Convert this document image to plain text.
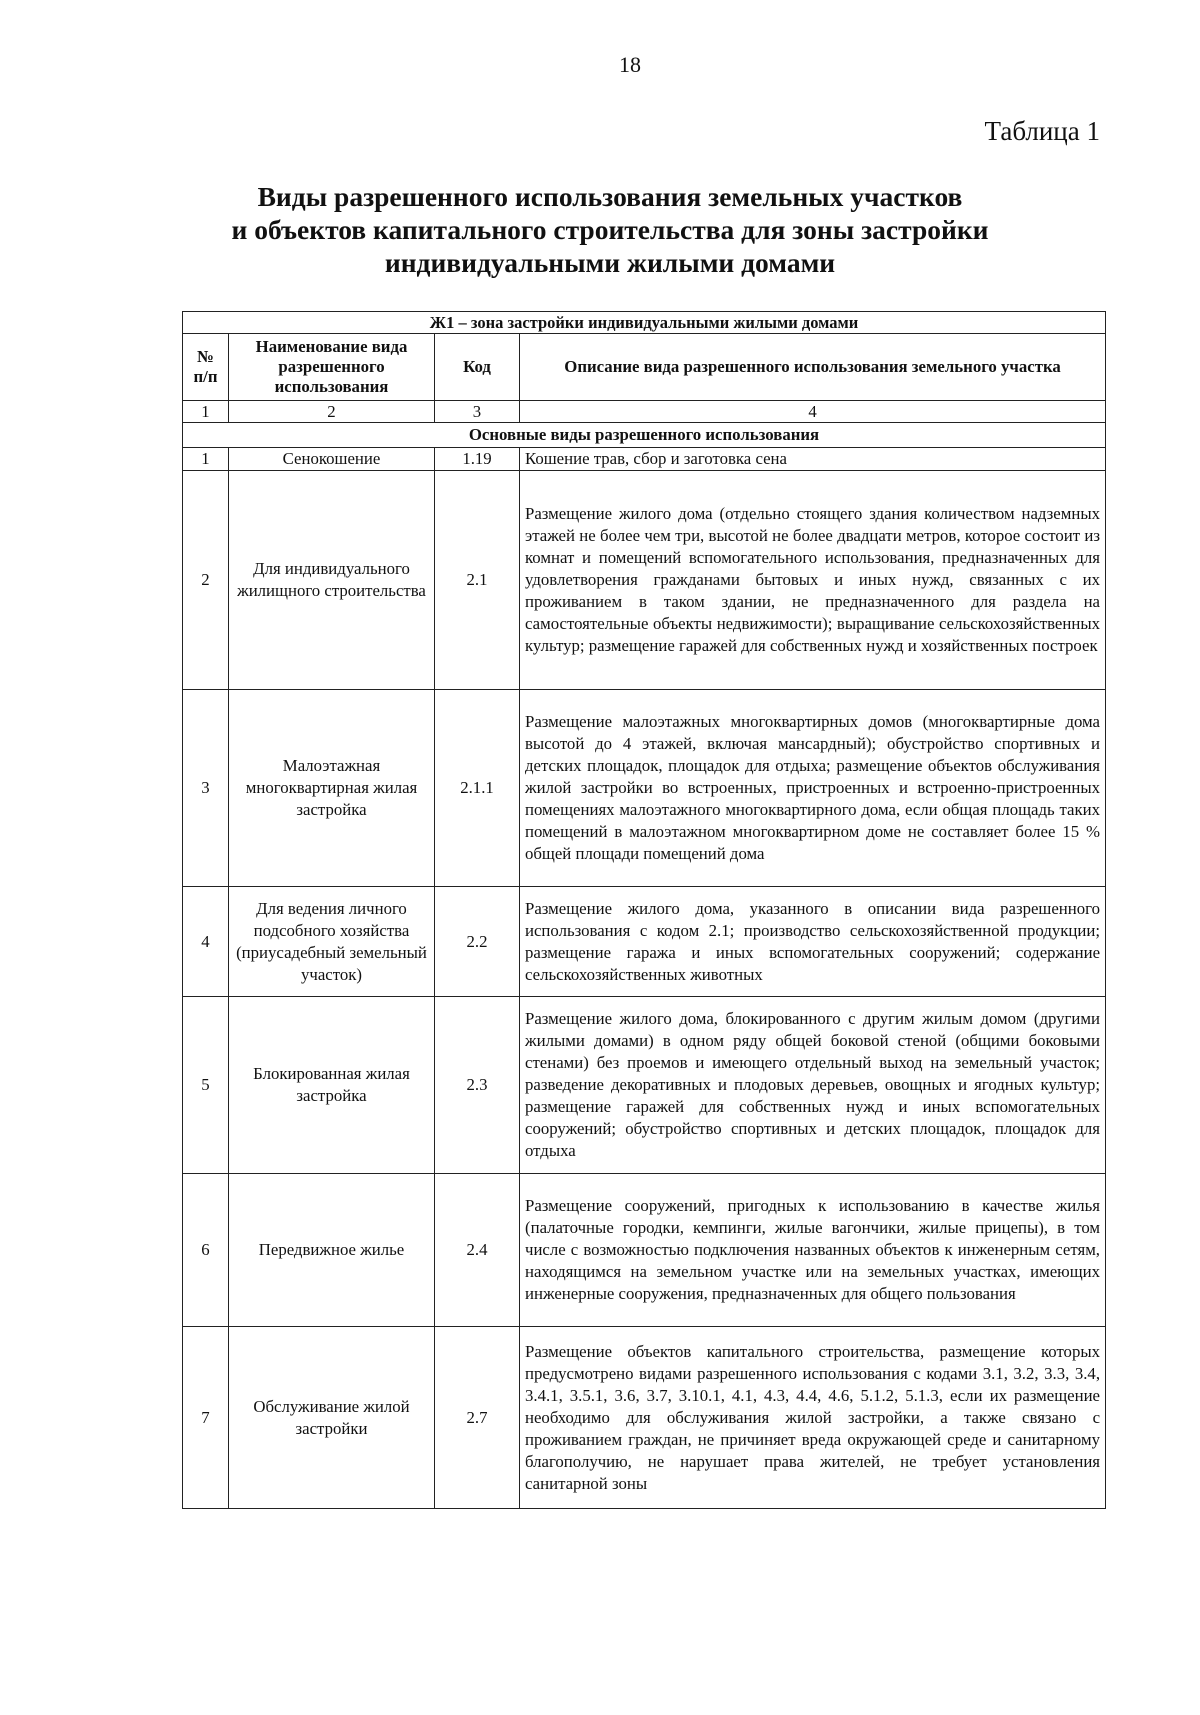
18
Таблица 1
Виды разрешенного использования земельных участков
и объектов капитального строительства для зоны застройки
индивидуальными жилыми домами
Ж1 – зона застройки индивидуальными жилыми домами			
№ п/п	Наименование вида разрешенного использования	Код	Описание вида разрешенного использования земельного участка
1	2	3	4
Основные виды разрешенного использования			
1	Сенокошение	1.19	Кошение трав, сбор и заготовка сена
2	Для индивидуального жилищного строительства	2.1	Размещение жилого дома (отдельно стоящего здания количеством надземных этажей не более чем три, высотой не более двадцати метров, которое состоит из комнат и помещений вспомогательного использования, предназначенных для удовлетворения гражданами бытовых и иных нужд, связанных с их проживанием в таком здании, не предназначенного для раздела на самостоятельные объекты недвижимости); выращивание сельскохозяйственных культур; размещение гаражей для собственных нужд и хозяйственных построек
3	Малоэтажная многоквартирная жилая застройка	2.1.1	Размещение малоэтажных многоквартирных домов (многоквартирные дома высотой до 4 этажей, включая мансардный); обустройство спортивных и детских площадок, площадок для отдыха; размещение объектов обслуживания жилой застройки во встроенных, пристроенных и встроенно-пристроенных помещениях малоэтажного многоквартирного дома, если общая площадь таких помещений в малоэтажном многоквартирном доме не составляет более 15 % общей площади помещений дома
4	Для ведения личного подсобного хозяйства (приусадебный земельный участок)	2.2	Размещение жилого дома, указанного в описании вида разрешенного использования с кодом 2.1; производство сельскохозяйственной продукции; размещение гаража и иных вспомогательных сооружений; содержание сельскохозяйственных животных
5	Блокированная жилая застройка	2.3	Размещение жилого дома, блокированного с другим жилым домом (другими жилыми домами) в одном ряду общей боковой стеной (общими боковыми стенами) без проемов и имеющего отдельный выход на земельный участок; разведение декоративных и плодовых деревьев, овощных и ягодных культур; размещение гаражей для собственных нужд и иных вспомогательных сооружений; обустройство спортивных и детских площадок, площадок для отдыха
6	Передвижное жилье	2.4	Размещение сооружений, пригодных к использованию в качестве жилья (палаточные городки, кемпинги, жилые вагончики, жилые прицепы), в том числе с возможностью подключения названных объектов к инженерным сетям, находящимся на земельном участке или на земельных участках, имеющих инженерные сооружения, предназначенных для общего пользования
7	Обслуживание жилой застройки	2.7	Размещение объектов капитального строительства, размещение которых предусмотрено видами разрешенного использования с кодами 3.1, 3.2, 3.3, 3.4, 3.4.1, 3.5.1, 3.6, 3.7, 3.10.1, 4.1, 4.3, 4.4, 4.6, 5.1.2, 5.1.3, если их размещение необходимо для обслуживания жилой застройки, а также связано с проживанием граждан, не причиняет вреда окружающей среде и санитарному благополучию, не нарушает права жителей, не требует установления санитарной зоны
